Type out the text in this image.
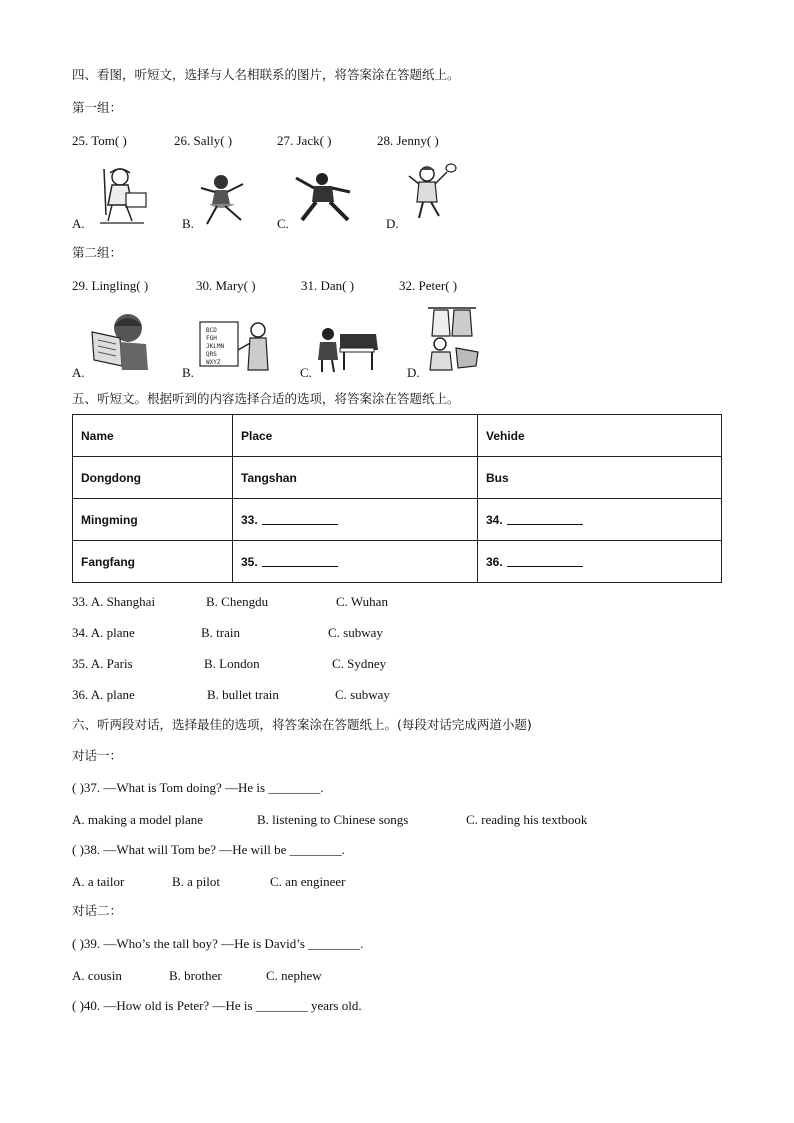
四、看图，听短文，选择与人名相联系的图片，将答案涂在答题纸上。
第一组：
25. Tom( )	26. Sally( )	27. Jack( )	28. Jenny( )
A.	B.	C.	D.
第二组：
29. Lingling( )	30. Mary( )	31. Dan( )	32. Peter( )
BCD
FGH
JKLMN
QRS
WXYZ
A.	B.	C.	D.
五、听短文。根据听到的内容选择合适的选项，将答案涂在答题纸上。
Name	Place	Vehide
Dongdong	Tangshan	Bus
Mingming	33.	34.
Fangfang	35.	36.
33. A. Shanghai	B. Chengdu	C. Wuhan
34. A. plane	B. train	C. subway
35. A. Paris	B. London	C. Sydney
36. A. plane	B. bullet train	C. subway
六、听两段对话，选择最佳的选项，将答案涂在答题纸上。(每段对话完成两道小题)
对话一：
( )37. —What is Tom doing? —He is ________.
A. making a model plane	B. listening to Chinese songs	C. reading his textbook
( )38. —What will Tom be? —He will be ________.
A. a tailor	B. a pilot	C. an engineer
对话二：
( )39. —Who’s the tall boy? —He is David’s ________.
A. cousin	B. brother	C. nephew
( )40. —How old is Peter? —He is ________ years old.
